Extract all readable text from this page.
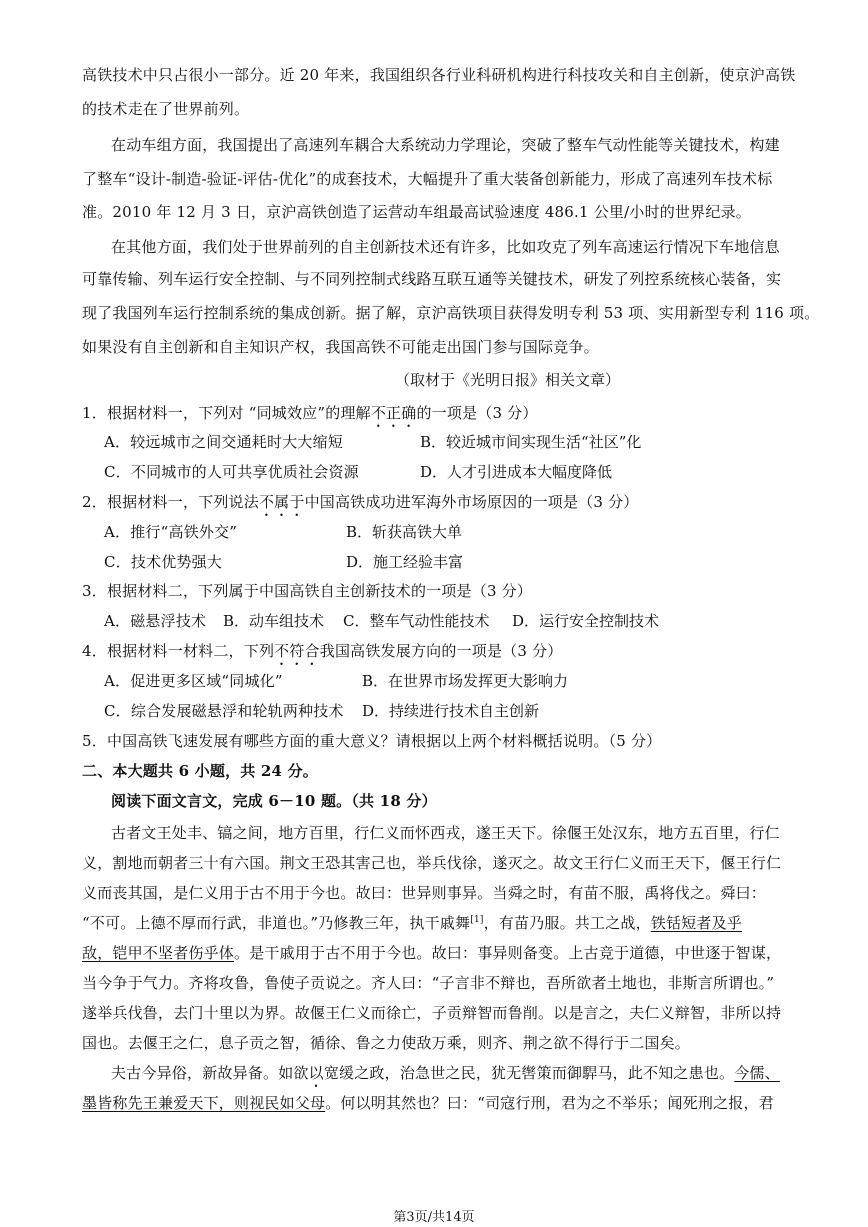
高铁技术中只占很小一部分。近 20 年来，我国组织各行业科研机构进行科技攻关和自主创新，使京沪高铁
的技术走在了世界前列。
在动车组方面，我国提出了高速列车耦合大系统动力学理论，突破了整车气动性能等关键技术，构建
了整车“设计-制造-验证-评估-优化”的成套技术，大幅提升了重大装备创新能力，形成了高速列车技术标
准。2010 年 12 月 3 日，京沪高铁创造了运营动车组最高试验速度 486.1 公里/小时的世界纪录。
在其他方面，我们处于世界前列的自主创新技术还有许多，比如攻克了列车高速运行情况下车地信息
可靠传输、列车运行安全控制、与不同列控制式线路互联互通等关键技术，研发了列控系统核心装备，实
现了我国列车运行控制系统的集成创新。据了解，京沪高铁项目获得发明专利 53 项、实用新型专利 116 项。
如果没有自主创新和自主知识产权，我国高铁不可能走出国门参与国际竞争。
（取材于《光明日报》相关文章）
1．根据材料一，下列对 “同城效应”的理解不正确的一项是（3 分）
A．较远城市之间交通耗时大大缩短	B．较近城市间实现生活“社区”化
C．不同城市的人可共享优质社会资源	D．人才引进成本大幅度降低
2．根据材料一，下列说法不属于中国高铁成功进军海外市场原因的一项是（3 分）
A．推行“高铁外交”	B．斩获高铁大单
C．技术优势强大	D．施工经验丰富
3．根据材料二，下列属于中国高铁自主创新技术的一项是（3 分）
A．磁悬浮技术 B．动车组技术 C．整车气动性能技术 D．运行安全控制技术
4．根据材料一材料二，下列不符合我国高铁发展方向的一项是（3 分）
A．促进更多区域“同城化”	B．在世界市场发挥更大影响力
C．综合发展磁悬浮和轮轨两种技术 D．持续进行技术自主创新
5．中国高铁飞速发展有哪些方面的重大意义？请根据以上两个材料概括说明。（5 分）
二、本大题共 6 小题，共 24 分。
阅读下面文言文，完成 6－10 题。（共 18 分）
古者文王处丰、镐之间，地方百里，行仁义而怀西戎，遂王天下。徐偃王处汉东，地方五百里，行仁
义，割地而朝者三十有六国。荆文王恐其害己也，举兵伐徐，遂灭之。故文王行仁义而王天下，偃王行仁
义而丧其国，是仁义用于古不用于今也。故曰：世异则事异。当舜之时，有苗不服，禹将伐之。舜曰：
“不可。上德不厚而行武，非道也。”乃修教三年，执干戚舞[1]，有苗乃服。共工之战，铁铦短者及乎
敌，铠甲不坚者伤乎体。是干戚用于古不用于今也。故曰：事异则备变。上古竞于道德，中世逐于智谋，
当今争于气力。齐将攻鲁，鲁使子贡说之。齐人曰：“子言非不辩也，吾所欲者土地也，非斯言所谓也。”
遂举兵伐鲁，去门十里以为界。故偃王仁义而徐亡，子贡辩智而鲁削。以是言之，夫仁义辩智，非所以持
国也。去偃王之仁，息子贡之智，循徐、鲁之力使敌万乘，则齐、荆之欲不得行于二国矣。
夫古今异俗，新故异备。如欲以宽缓之政，治急世之民，犹无辔策而御駻马，此不知之患也。今儒、
墨皆称先王兼爱天下，则视民如父母。何以明其然也？曰：“司寇行刑，君为之不举乐；闻死刑之报，君
第3页/共14页
